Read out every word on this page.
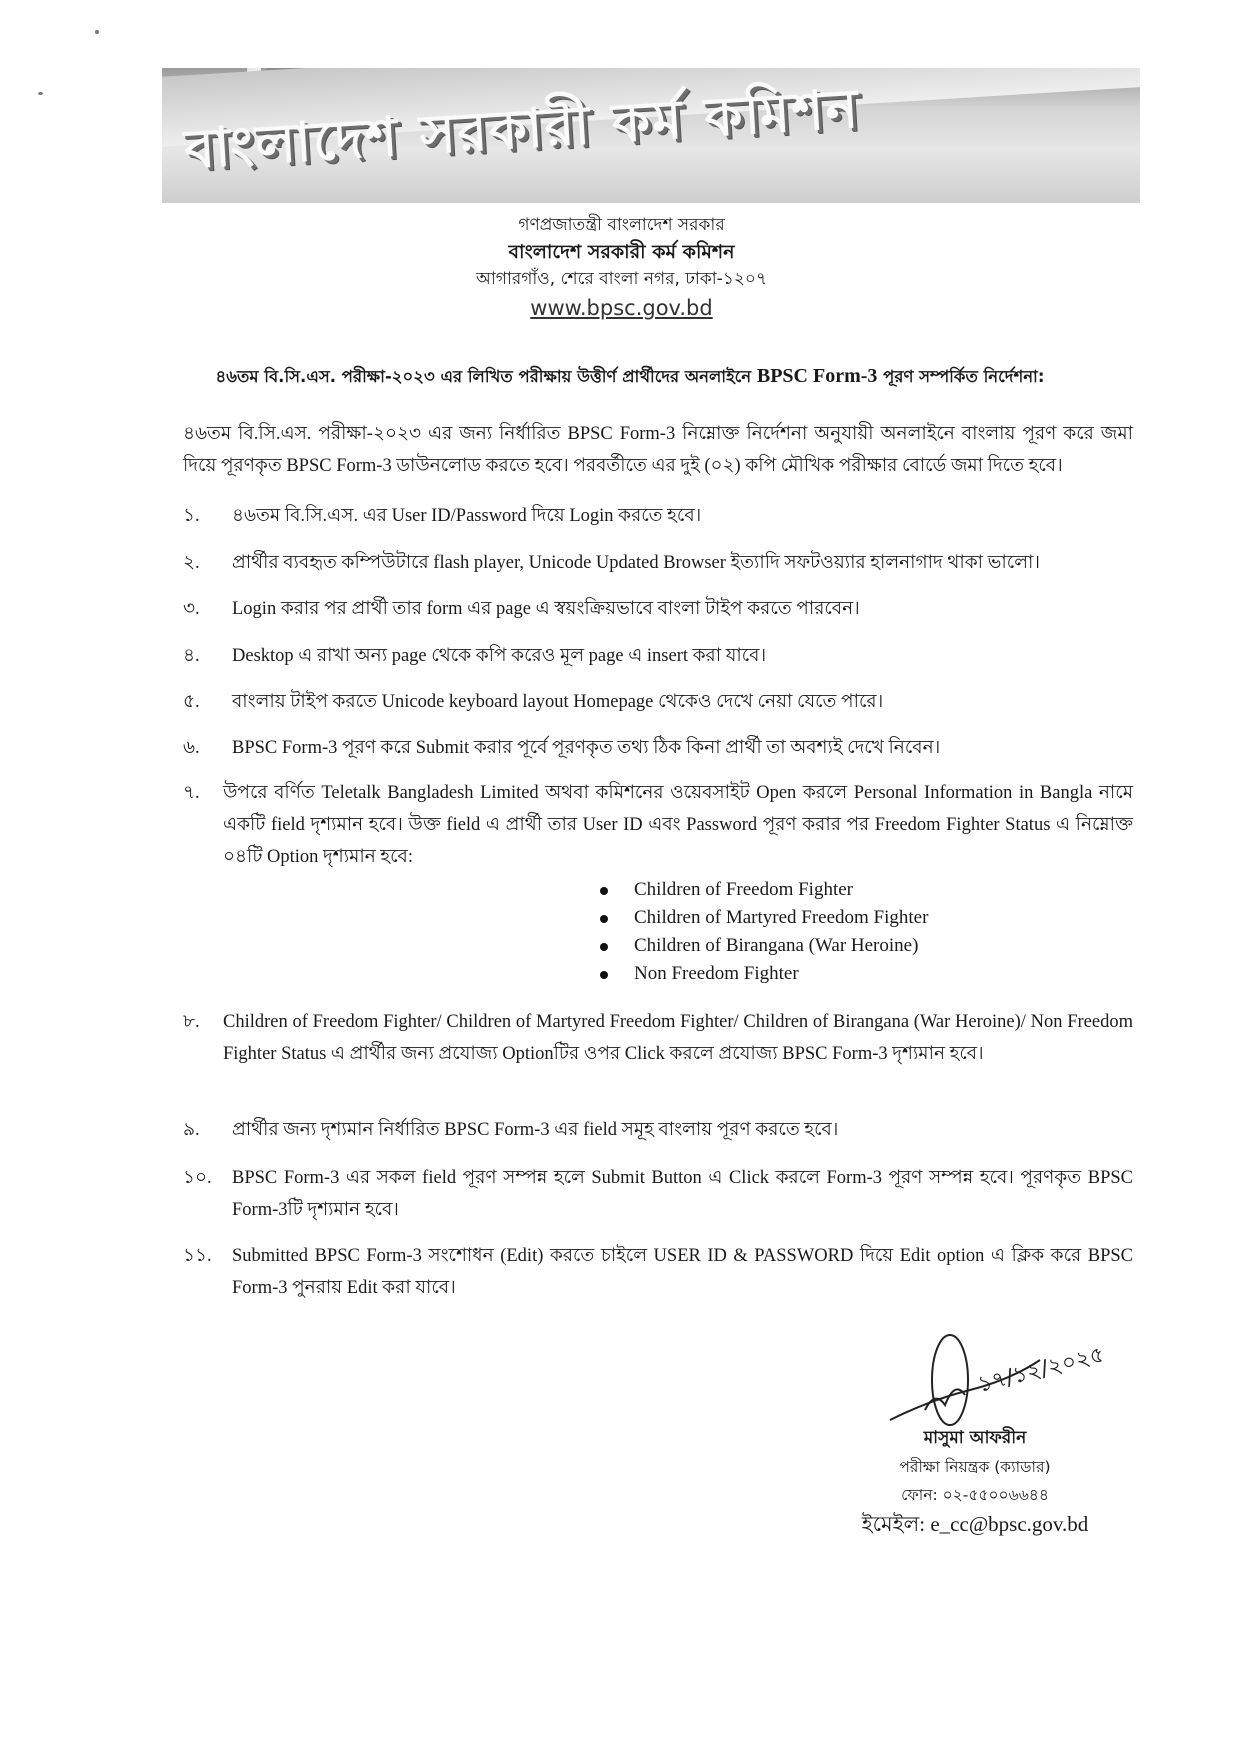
বাংলাদেশ সরকারী কর্ম কমিশন
গণপ্রজাতন্ত্রী বাংলাদেশ সরকার
বাংলাদেশ সরকারী কর্ম কমিশন
আগারগাঁও, শেরে বাংলা নগর, ঢাকা-১২০৭
www.bpsc.gov.bd
৪৬তম বি.সি.এস. পরীক্ষা-২০২৩ এর লিখিত পরীক্ষায় উত্তীর্ণ প্রার্থীদের অনলাইনে BPSC Form-3 পূরণ সম্পর্কিত নির্দেশনা:
৪৬তম বি.সি.এস. পরীক্ষা-২০২৩ এর জন্য নির্ধারিত BPSC Form-3 নিম্নোক্ত নির্দেশনা অনুযায়ী অনলাইনে বাংলায় পূরণ করে জমা দিয়ে পূরণকৃত BPSC Form-3 ডাউনলোড করতে হবে। পরবর্তীতে এর দুই (০২) কপি মৌখিক পরীক্ষার বোর্ডে জমা দিতে হবে।
১.	৪৬তম বি.সি.এস. এর User ID/Password দিয়ে Login করতে হবে।
২.	প্রার্থীর ব্যবহৃত কম্পিউটারে flash player, Unicode Updated Browser ইত্যাদি সফটওয়্যার হালনাগাদ থাকা ভালো।
৩.	Login করার পর প্রার্থী তার form এর page এ স্বয়ংক্রিয়ভাবে বাংলা টাইপ করতে পারবেন।
৪.	Desktop এ রাখা অন্য page থেকে কপি করেও মূল page এ insert করা যাবে।
৫.	বাংলায় টাইপ করতে Unicode keyboard layout Homepage থেকেও দেখে নেয়া যেতে পারে।
৬.	BPSC Form-3 পূরণ করে Submit করার পূর্বে পূরণকৃত তথ্য ঠিক কিনা প্রার্থী তা অবশ্যই দেখে নিবেন।
৭.	উপরে বর্ণিত Teletalk Bangladesh Limited অথবা কমিশনের ওয়েবসাইট Open করলে Personal Information in Bangla নামে একটি field দৃশ্যমান হবে। উক্ত field এ প্রার্থী তার User ID এবং Password পূরণ করার পর Freedom Fighter Status এ নিম্নোক্ত ০৪টি Option দৃশ্যমান হবে:
Children of Freedom Fighter
Children of Martyred Freedom Fighter
Children of Birangana (War Heroine)
Non Freedom Fighter
৮.	Children of Freedom Fighter/ Children of Martyred Freedom Fighter/ Children of Birangana (War Heroine)/ Non Freedom Fighter Status এ প্রার্থীর জন্য প্রযোজ্য Optionটির ওপর Click করলে প্রযোজ্য BPSC Form-3 দৃশ্যমান হবে।
৯.	প্রার্থীর জন্য দৃশ্যমান নির্ধারিত BPSC Form-3 এর field সমূহ বাংলায় পূরণ করতে হবে।
১০.	BPSC Form-3 এর সকল field পূরণ সম্পন্ন হলে Submit Button এ Click করলে Form-3 পূরণ সম্পন্ন হবে। পূরণকৃত BPSC Form-3টি দৃশ্যমান হবে।
১১.	Submitted BPSC Form-3 সংশোধন (Edit) করতে চাইলে USER ID & PASSWORD দিয়ে Edit option এ ক্লিক করে BPSC Form-3 পুনরায় Edit করা যাবে।
১৭/১২/২০২৫
মাসুমা আফরীন
পরীক্ষা নিয়ন্ত্রক (ক্যাডার)
ফোন: ০২-৫৫০০৬৬৪৪
ইমেইল: e_cc@bpsc.gov.bd
